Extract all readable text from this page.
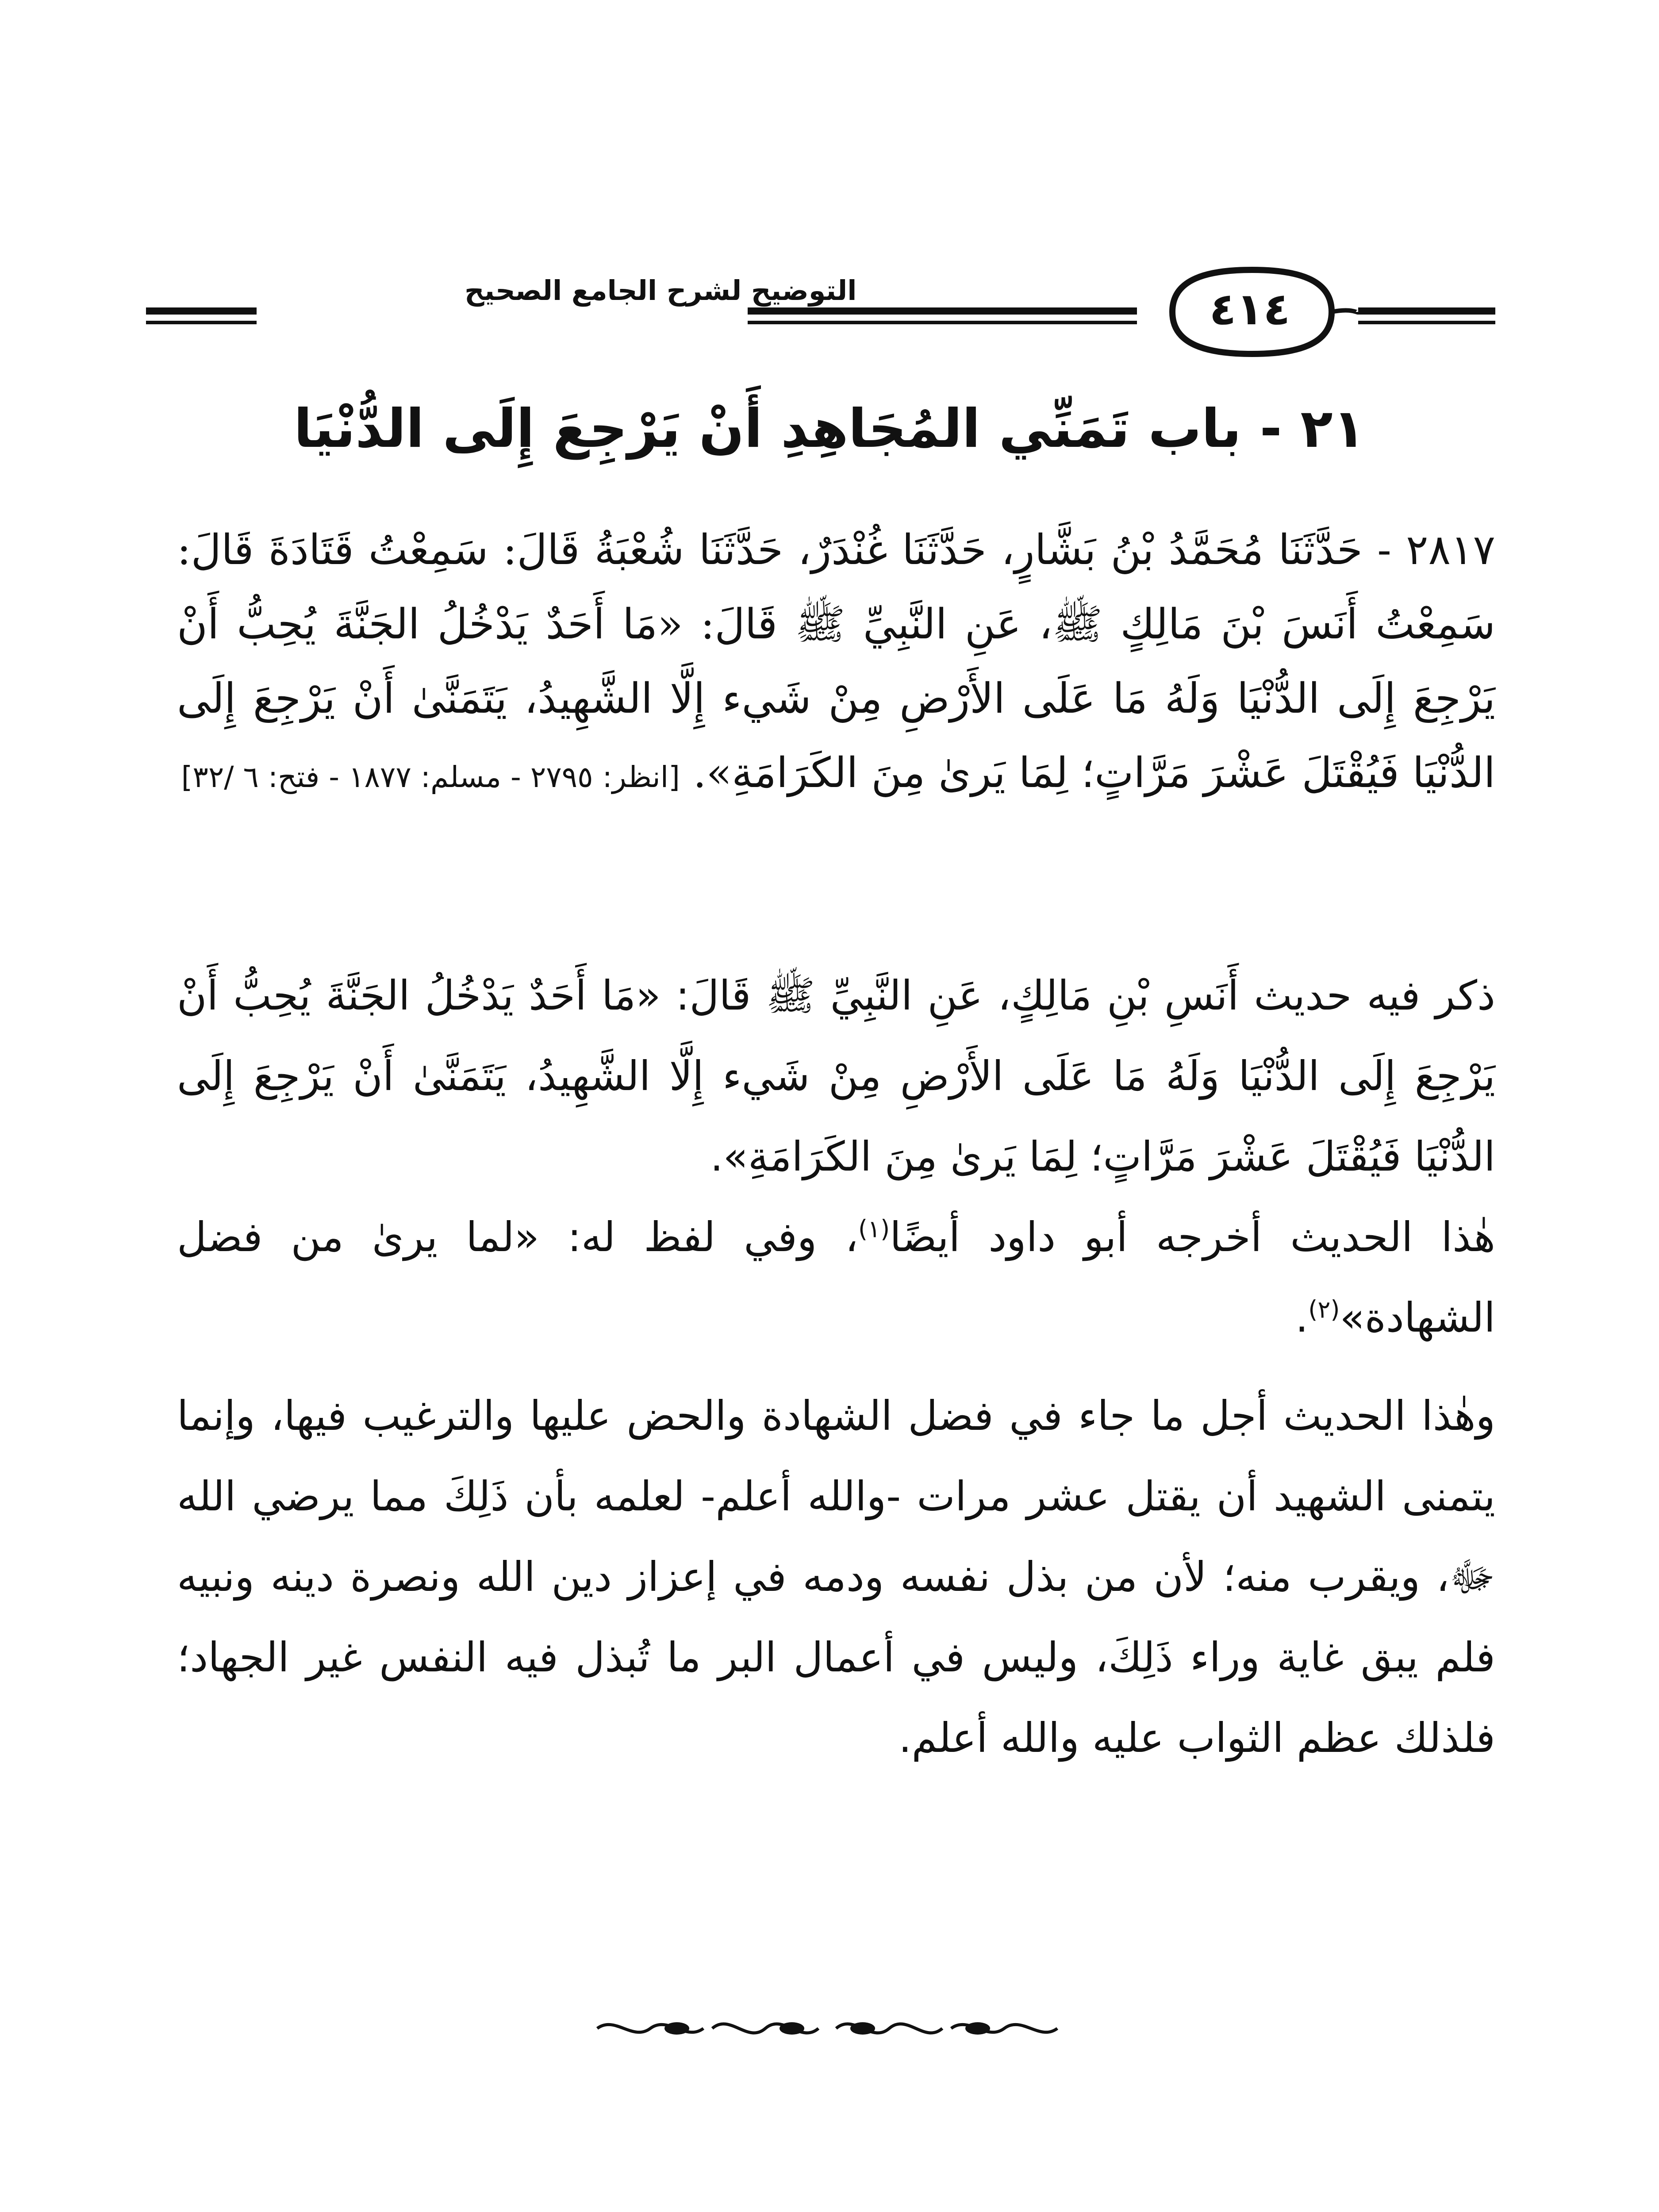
التوضيح لشرح الجامع الصحيح	٤١٤
٢١ - باب تَمَنِّي المُجَاهِدِ أَنْ يَرْجِعَ إِلَى الدُّنْيَا
٢٨١٧ - حَدَّثَنَا مُحَمَّدُ بْنُ بَشَّارٍ، حَدَّثَنَا غُنْدَرٌ، حَدَّثَنَا شُعْبَةُ قَالَ: سَمِعْتُ قَتَادَةَ قَالَ: سَمِعْتُ أَنَسَ بْنَ مَالِكٍ ﷺ، عَنِ النَّبِيِّ ﷺ قَالَ: «مَا أَحَدٌ يَدْخُلُ الجَنَّةَ يُحِبُّ أَنْ يَرْجِعَ إِلَى الدُّنْيَا وَلَهُ مَا عَلَى الأَرْضِ مِنْ شَيء إِلَّا الشَّهِيدُ، يَتَمَنَّىٰ أَنْ يَرْجِعَ إِلَى الدُّنْيَا فَيُقْتَلَ عَشْرَ مَرَّاتٍ؛ لِمَا يَرىٰ مِنَ الكَرَامَةِ». [انظر: ٢٧٩٥ - مسلم: ١٨٧٧ - فتح: ٦ /٣٢]

ذكر فيه حديث أَنَسِ بْنِ مَالِكٍ، عَنِ النَّبِيِّ ﷺ قَالَ: «مَا أَحَدٌ يَدْخُلُ الجَنَّةَ يُحِبُّ أَنْ يَرْجِعَ إِلَى الدُّنْيَا وَلَهُ مَا عَلَى الأَرْضِ مِنْ شَيء إِلَّا الشَّهِيدُ، يَتَمَنَّىٰ أَنْ يَرْجِعَ إِلَى الدُّنْيَا فَيُقْتَلَ عَشْرَ مَرَّاتٍ؛ لِمَا يَرىٰ مِنَ الكَرَامَةِ».

هٰذا الحديث أخرجه أبو داود أيضًا$^{(١)}$، وفي لفظ له: «لما يرىٰ من فضل الشهادة»$^{(٢)}$.

وهٰذا الحديث أجل ما جاء في فضل الشهادة والحض عليها والترغيب فيها، وإنما يتمنى الشهيد أن يقتل عشر مرات -والله أعلم- لعلمه بأن ذَلِكَ مما يرضي الله ﷻ، ويقرب منه؛ لأن من بذل نفسه ودمه في إعزاز دين الله ونصرة دينه ونبيه فلم يبق غاية وراء ذَلِكَ، وليس في أعمال البر ما تُبذل فيه النفس غير الجهاد؛ فلذلك عظم الثواب عليه والله أعلم.
